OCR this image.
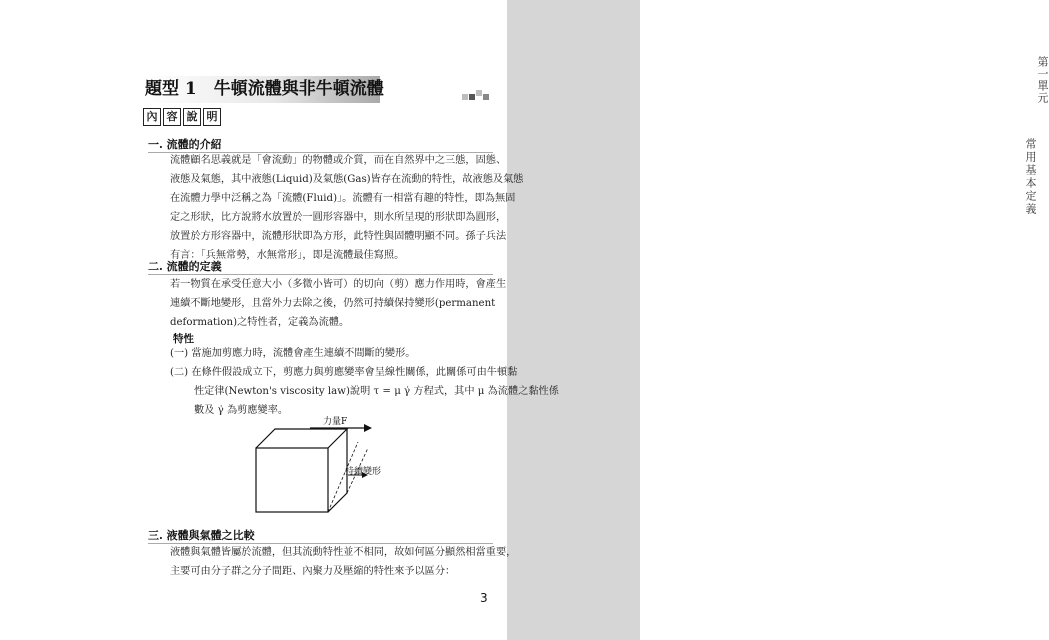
第一單元
常用基本定義
題型 1　牛頓流體與非牛頓流體
內 容 說 明
一. 流體的介紹
流體顧名思義就是「會流動」的物體或介質，而在自然界中之三態，固態、
液態及氣態，其中液態(Liquid)及氣態(Gas)皆存在流動的特性，故液態及氣態
在流體力學中泛稱之為「流體(Fluid)」。流體有一相當有趣的特性，即為無固
定之形狀，比方說將水放置於一圓形容器中，則水所呈現的形狀即為圓形，
放置於方形容器中，流體形狀即為方形，此特性與固體明顯不同。孫子兵法
有言：「兵無常勢，水無常形」，即是流體最佳寫照。
二. 流體的定義
若一物質在承受任意大小（多微小皆可）的切向（剪）應力作用時，會產生
連續不斷地變形，且當外力去除之後，仍然可持續保持變形(permanent
deformation)之特性者，定義為流體。
特性
(一) 當施加剪應力時，流體會產生連續不間斷的變形。
(二) 在條件假設成立下，剪應力與剪應變率會呈線性關係，此關係可由牛頓黏
性定律(Newton's viscosity law)說明 τ = μ γ̇ 方程式，其中 μ 為流體之黏性係
數及 γ̇ 為剪應變率。
力量F
持續變形
三. 液體與氣體之比較
液體與氣體皆屬於流體，但其流動特性並不相同，故如何區分顯然相當重要，
主要可由分子群之分子間距、內聚力及壓縮的特性來予以區分：
3
